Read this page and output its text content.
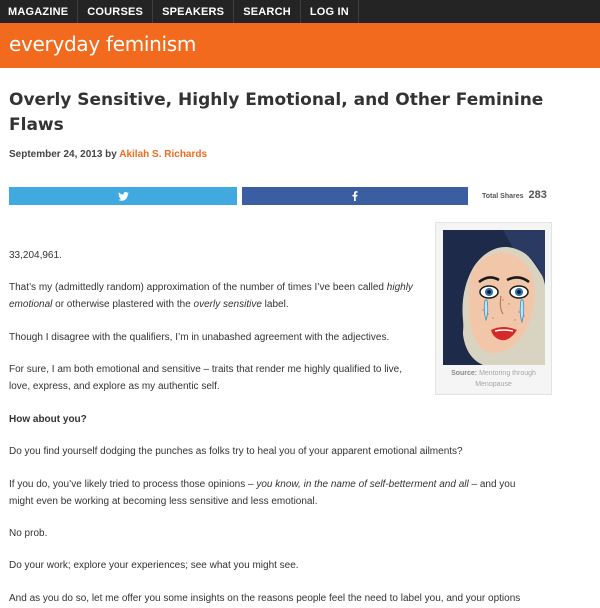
MAGAZINE	COURSES	SPEAKERS	SEARCH	LOG IN
everyday feminism
Overly Sensitive, Highly Emotional, and Other Feminine Flaws
September 24, 2013 by Akilah S. Richards
Total Shares 283
Source: Mentoring through Menopause

33,204,961.

That’s my (admittedly random) approximation of the number of times I’ve been called highly emotional or otherwise plastered with the overly sensitive label.

Though I disagree with the qualifiers, I’m in unabashed agreement with the adjectives.

For sure, I am both emotional and sensitive – traits that render me highly qualified to live, love, express, and explore as my authentic self.

How about you?

Do you find yourself dodging the punches as folks try to heal you of your apparent emotional ailments?

If you do, you’ve likely tried to process those opinions – you know, in the name of self-betterment and all – and you might even be working at becoming less sensitive and less emotional.

No prob.

Do your work; explore your experiences; see what you might see.

And as you do so, let me offer you some insights on the reasons people feel the need to label you, and your options
